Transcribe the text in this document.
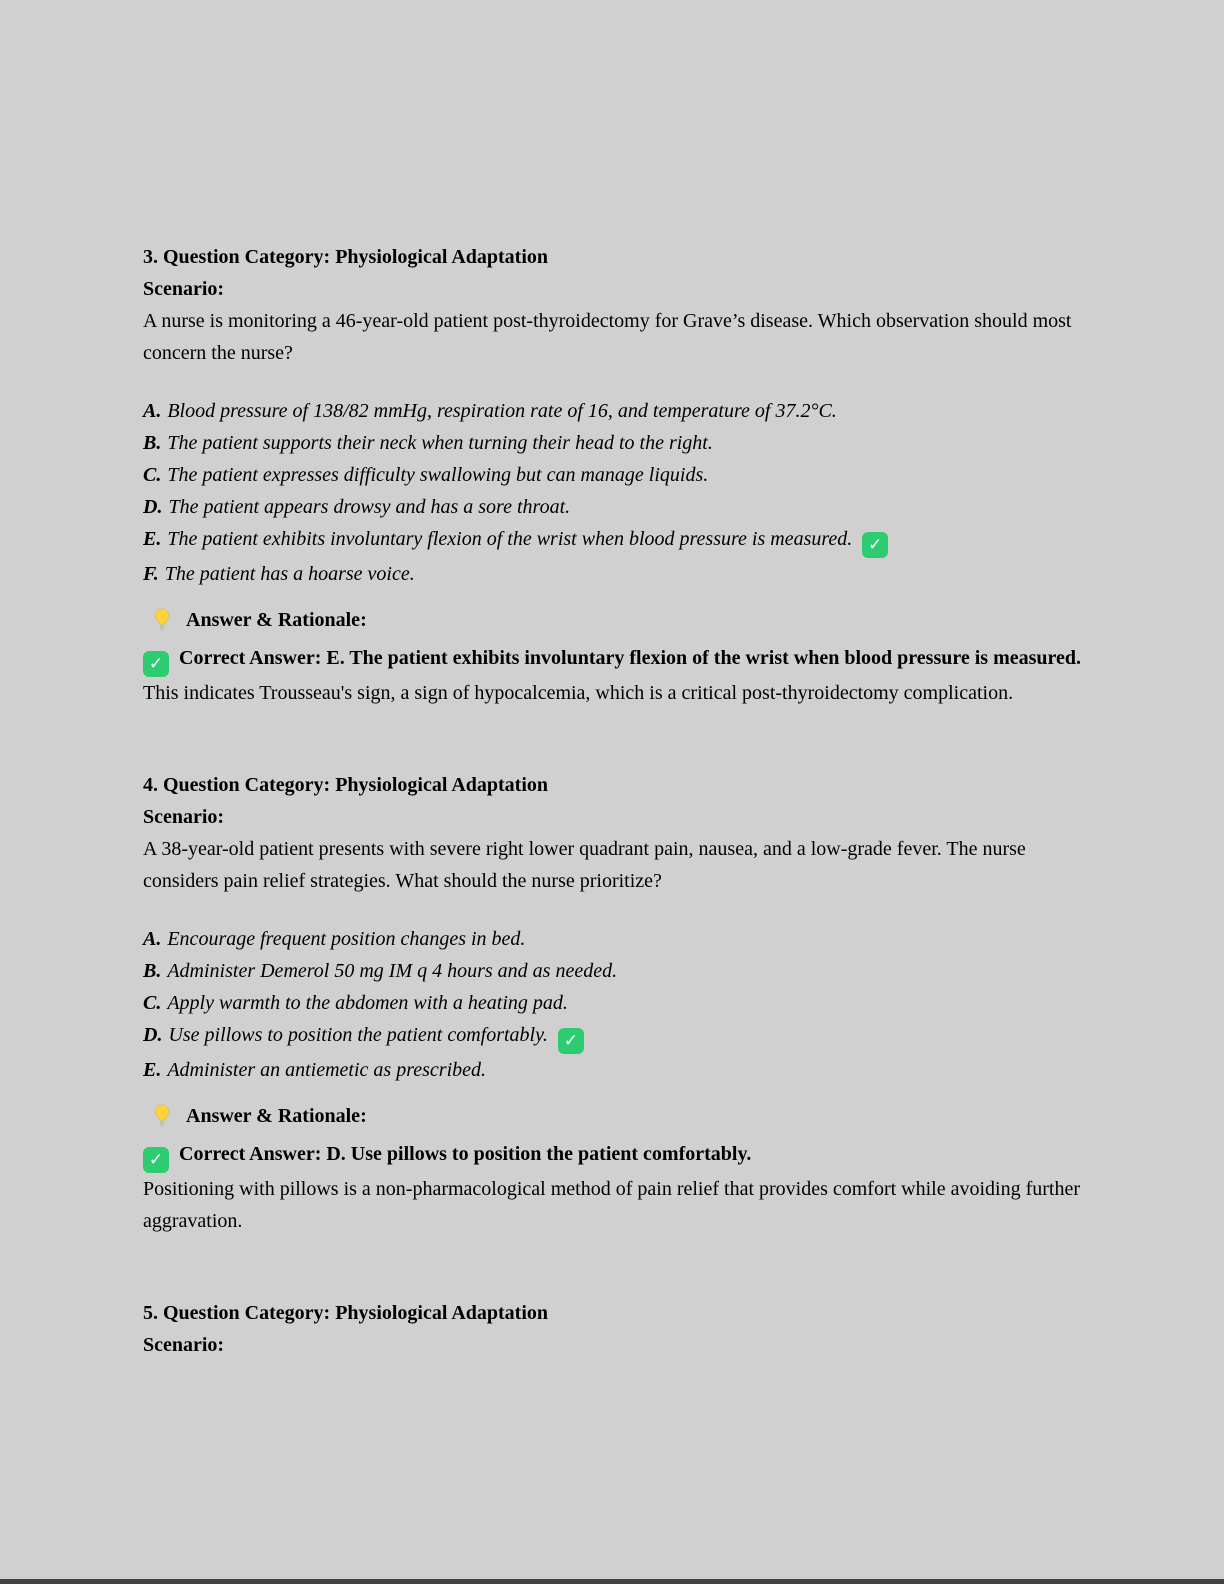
3. Question Category: Physiological Adaptation
Scenario:

A nurse is monitoring a 46-year-old patient post-thyroidectomy for Grave’s disease. Which observation should most concern the nurse?

A. Blood pressure of 138/82 mmHg, respiration rate of 16, and temperature of 37.2°C.
B. The patient supports their neck when turning their head to the right.
C. The patient expresses difficulty swallowing but can manage liquids.
D. The patient appears drowsy and has a sore throat.
E. The patient exhibits involuntary flexion of the wrist when blood pressure is measured. ✓
F. The patient has a hoarse voice.
Answer & Rationale:

✓ Correct Answer: E. The patient exhibits involuntary flexion of the wrist when blood pressure is measured.

This indicates Trousseau's sign, a sign of hypocalcemia, which is a critical post-thyroidectomy complication.

4. Question Category: Physiological Adaptation
Scenario:

A 38-year-old patient presents with severe right lower quadrant pain, nausea, and a low-grade fever. The nurse considers pain relief strategies. What should the nurse prioritize?

A. Encourage frequent position changes in bed.
B. Administer Demerol 50 mg IM q 4 hours and as needed.
C. Apply warmth to the abdomen with a heating pad.
D. Use pillows to position the patient comfortably. ✓
E. Administer an antiemetic as prescribed.
Answer & Rationale:

✓ Correct Answer: D. Use pillows to position the patient comfortably.

Positioning with pillows is a non-pharmacological method of pain relief that provides comfort while avoiding further aggravation.

5. Question Category: Physiological Adaptation
Scenario:
